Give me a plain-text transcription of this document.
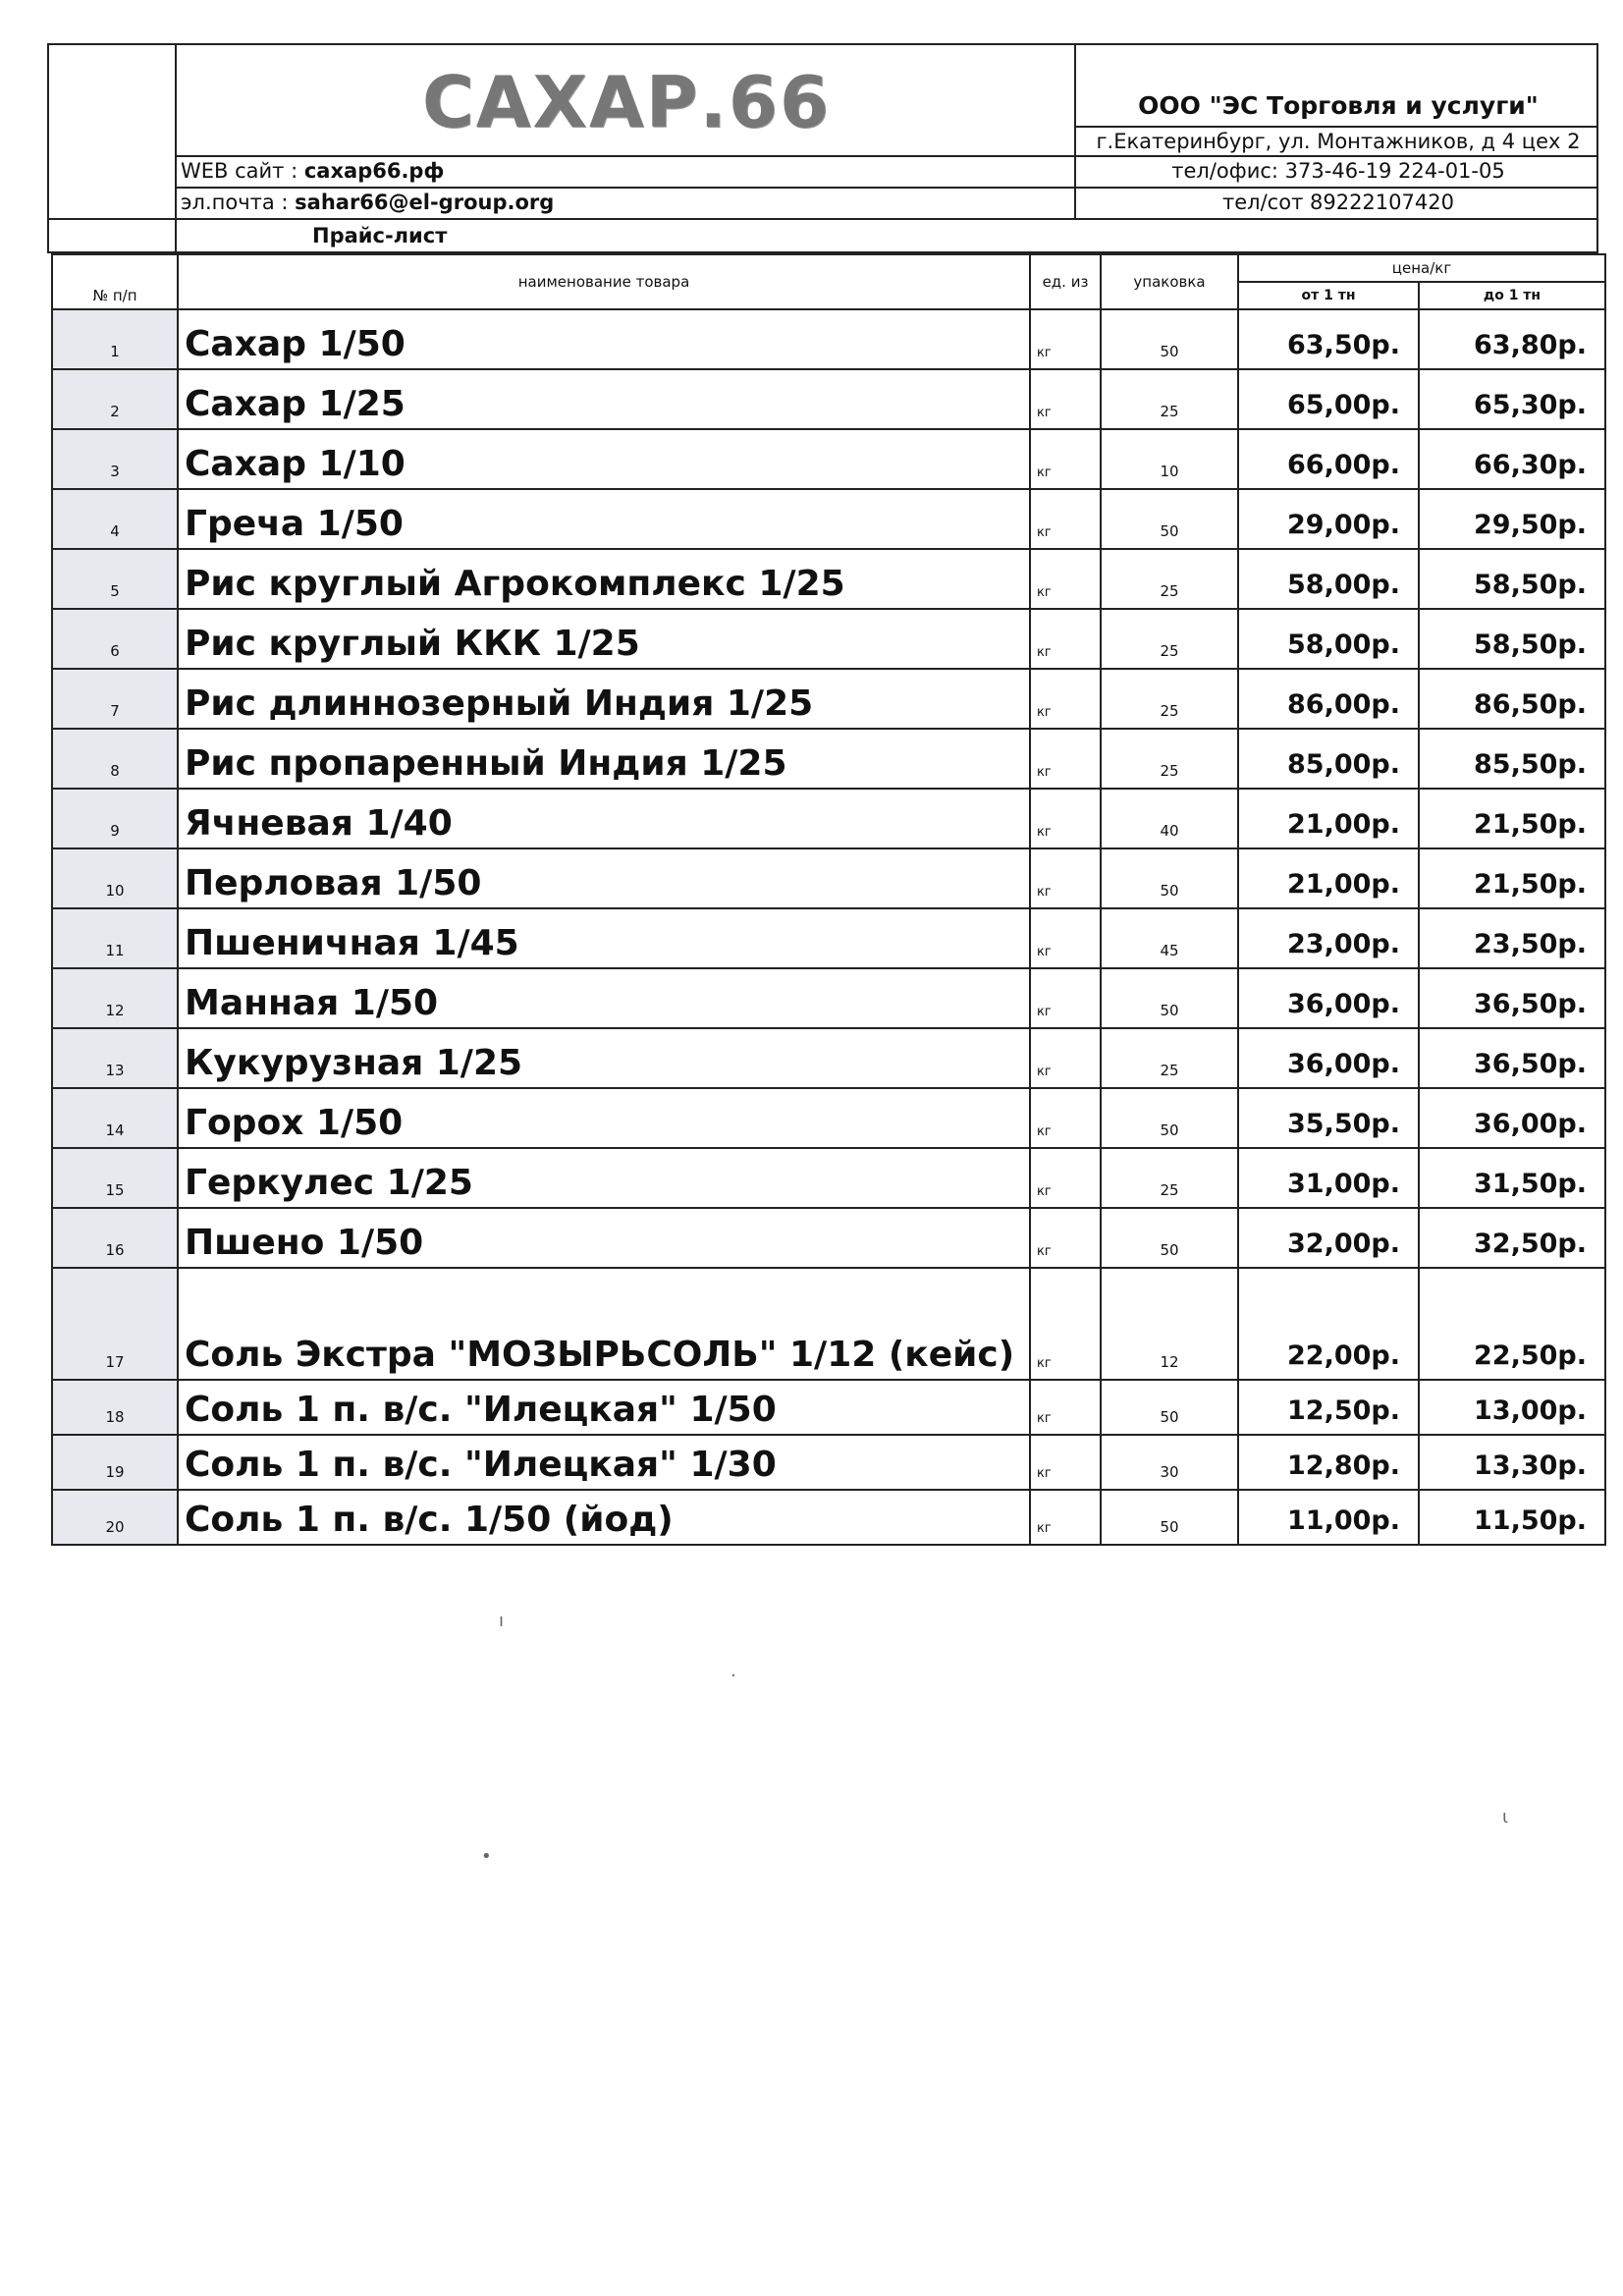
САХАР.66	ООО "ЭС Торговля и услуги"
г.Екатеринбург, ул. Монтажников, д 4 цех 2
WEB сайт : сахар66.рф	тел/офис: 373-46-19 224-01-05
эл.почта : sahar66@el-group.org	тел/сот 89222107420
Прайс-лист
№ п/п	наименование товара	ед. из	упаковка	цена/кг	
				от 1 тн	до 1 тн
1	Сахар 1/50	кг	50	63,50р.	63,80р.
2	Сахар 1/25	кг	25	65,00р.	65,30р.
3	Сахар 1/10	кг	10	66,00р.	66,30р.
4	Греча 1/50	кг	50	29,00р.	29,50р.
5	Рис круглый Агрокомплекс 1/25	кг	25	58,00р.	58,50р.
6	Рис круглый ККК 1/25	кг	25	58,00р.	58,50р.
7	Рис длиннозерный Индия 1/25	кг	25	86,00р.	86,50р.
8	Рис пропаренный Индия 1/25	кг	25	85,00р.	85,50р.
9	Ячневая 1/40	кг	40	21,00р.	21,50р.
10	Перловая 1/50	кг	50	21,00р.	21,50р.
11	Пшеничная 1/45	кг	45	23,00р.	23,50р.
12	Манная 1/50	кг	50	36,00р.	36,50р.
13	Кукурузная 1/25	кг	25	36,00р.	36,50р.
14	Горох 1/50	кг	50	35,50р.	36,00р.
15	Геркулес 1/25	кг	25	31,00р.	31,50р.
16	Пшено 1/50	кг	50	32,00р.	32,50р.
17	Соль Экстра "МОЗЫРЬСОЛЬ" 1/12 (кейс)	кг	12	22,00р.	22,50р.
18	Соль 1 п. в/с. "Илецкая" 1/50	кг	50	12,50р.	13,00р.
19	Соль 1 п. в/с. "Илецкая" 1/30	кг	30	12,80р.	13,30р.
20	Соль 1 п. в/с. 1/50 (йод)	кг	50	11,00р.	11,50р.
ı
·
•
ɩ
